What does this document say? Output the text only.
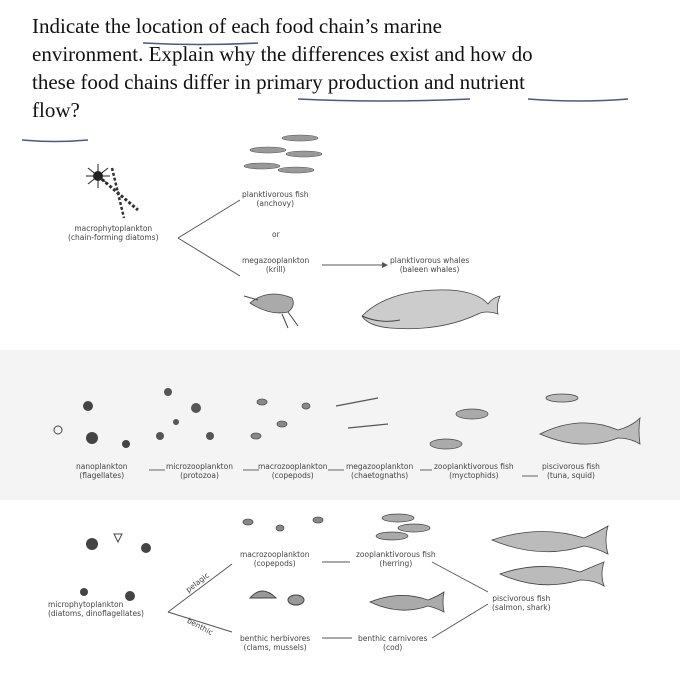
Indicate the location of each food chain’s marine
environment. Explain why the differences exist and how do
these food chains differ in primary production and nutrient
flow?
macrophytoplankton
(chain-forming diatoms)
planktivorous fish
(anchovy)
or
megazooplankton
(krill)
planktivorous whales
(baleen whales)
nanoplankton
(flagellates)
microzooplankton
(protozoa)
macrozooplankton
(copepods)
megazooplankton
(chaetognaths)
zooplanktivorous fish
(myctophids)
piscivorous fish
(tuna, squid)
microphytoplankton
(diatoms, dinoflagellates)
pelagic
benthic
macrozooplankton
(copepods)
zooplanktivorous fish
(herring)
benthic herbivores
(clams, mussels)
benthic carnivores
(cod)
piscivorous fish
(salmon, shark)
